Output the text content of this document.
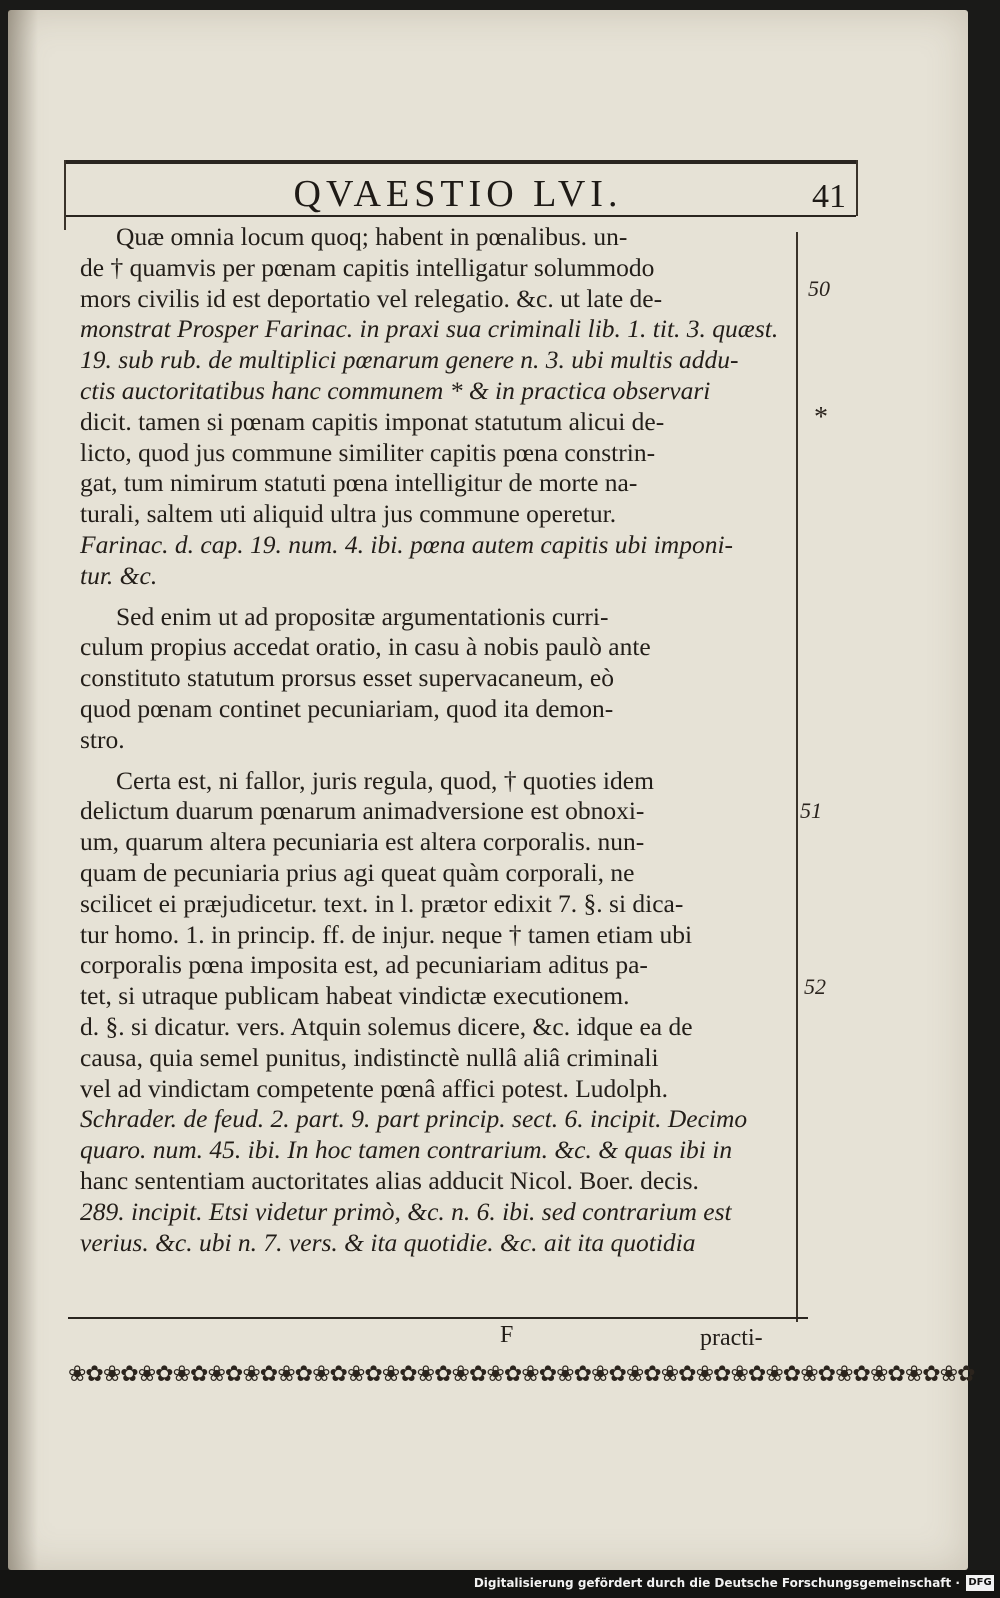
QVAESTIO LVI.	41
Quæ omnia locum quoq; habent in pœnalibus. un-
de † quamvis per pœnam capitis intelligatur solummodo
mors civilis id est deportatio vel relegatio. &c. ut late de-
monstrat Prosper Farinac. in praxi sua criminali lib. 1. tit. 3. quæst.
19. sub rub. de multiplici pœnarum genere n. 3. ubi multis addu-
ctis auctoritatibus hanc communem * & in practica observari
dicit. tamen si pœnam capitis imponat statutum alicui de-
licto, quod jus commune similiter capitis pœna constrin-
gat, tum nimirum statuti pœna intelligitur de morte na-
turali, saltem uti aliquid ultra jus commune operetur.
Farinac. d. cap. 19. num. 4. ibi. pœna autem capitis ubi imponi-
tur. &c.
Sed enim ut ad propositæ argumentationis curri-
culum propius accedat oratio, in casu à nobis paulò ante
constituto statutum prorsus esset supervacaneum, eò
quod pœnam continet pecuniariam, quod ita demon-
stro.
Certa est, ni fallor, juris regula, quod, † quoties idem
delictum duarum pœnarum animadversione est obnoxi-
um, quarum altera pecuniaria est altera corporalis. nun-
quam de pecuniaria prius agi queat quàm corporali, ne
scilicet ei præjudicetur. text. in l. prætor edixit 7. §. si dica-
tur homo. 1. in princip. ff. de injur. neque † tamen etiam ubi
corporalis pœna imposita est, ad pecuniariam aditus pa-
tet, si utraque publicam habeat vindictæ executionem.
d. §. si dicatur. vers. Atquin solemus dicere, &c. idque ea de
causa, quia semel punitus, indistinctè nullâ aliâ criminali
vel ad vindictam competente pœnâ affici potest. Ludolph.
Schrader. de feud. 2. part. 9. part princip. sect. 6. incipit. Decimo
quaro. num. 45. ibi. In hoc tamen contrarium. &c. & quas ibi in
hanc sententiam auctoritates alias adducit Nicol. Boer. decis.
289. incipit. Etsi videtur primò, &c. n. 6. ibi. sed contrarium est
verius. &c. ubi n. 7. vers. & ita quotidie. &c. ait ita quotidia
50
*
51
52
F	practi-
❀✿❀✿❀✿❀✿❀✿❀✿❀✿❀✿❀✿❀✿❀✿❀✿❀✿❀✿❀✿❀✿❀✿❀✿❀✿❀✿❀✿❀✿❀✿❀✿❀✿❀✿
Digitalisierung gefördert durch die Deutsche Forschungsgemeinschaft · DFG
